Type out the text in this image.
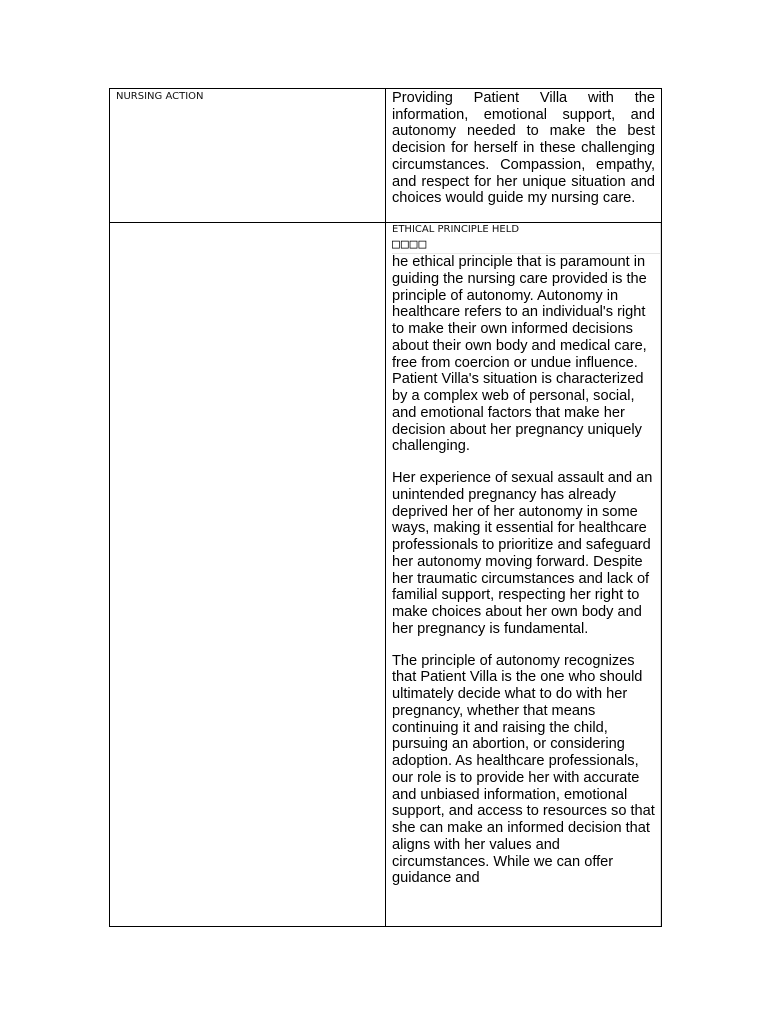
NURSING ACTION	Providing Patient Villa with the information, emotional support, and autonomy needed to make the best decision for herself in these challenging circumstances. Compassion, empathy, and respect for her unique situation and choices would guide my nursing care.

	ETHICAL PRINCIPLE HELD
□□□□

he ethical principle that is paramount in guiding the nursing care provided is the principle of autonomy. Autonomy in healthcare refers to an individual's right to make their own informed decisions about their own body and medical care, free from coercion or undue influence. Patient Villa's situation is characterized by a complex web of personal, social, and emotional factors that make her decision about her pregnancy uniquely challenging.

Her experience of sexual assault and an unintended pregnancy has already deprived her of her autonomy in some ways, making it essential for healthcare professionals to prioritize and safeguard her autonomy moving forward. Despite her traumatic circumstances and lack of familial support, respecting her right to make choices about her own body and her pregnancy is fundamental.

The principle of autonomy recognizes that Patient Villa is the one who should ultimately decide what to do with her pregnancy, whether that means continuing it and raising the child, pursuing an abortion, or considering adoption. As healthcare professionals, our role is to provide her with accurate and unbiased information, emotional support, and access to resources so that she can make an informed decision that aligns with her values and circumstances. While we can offer guidance and
